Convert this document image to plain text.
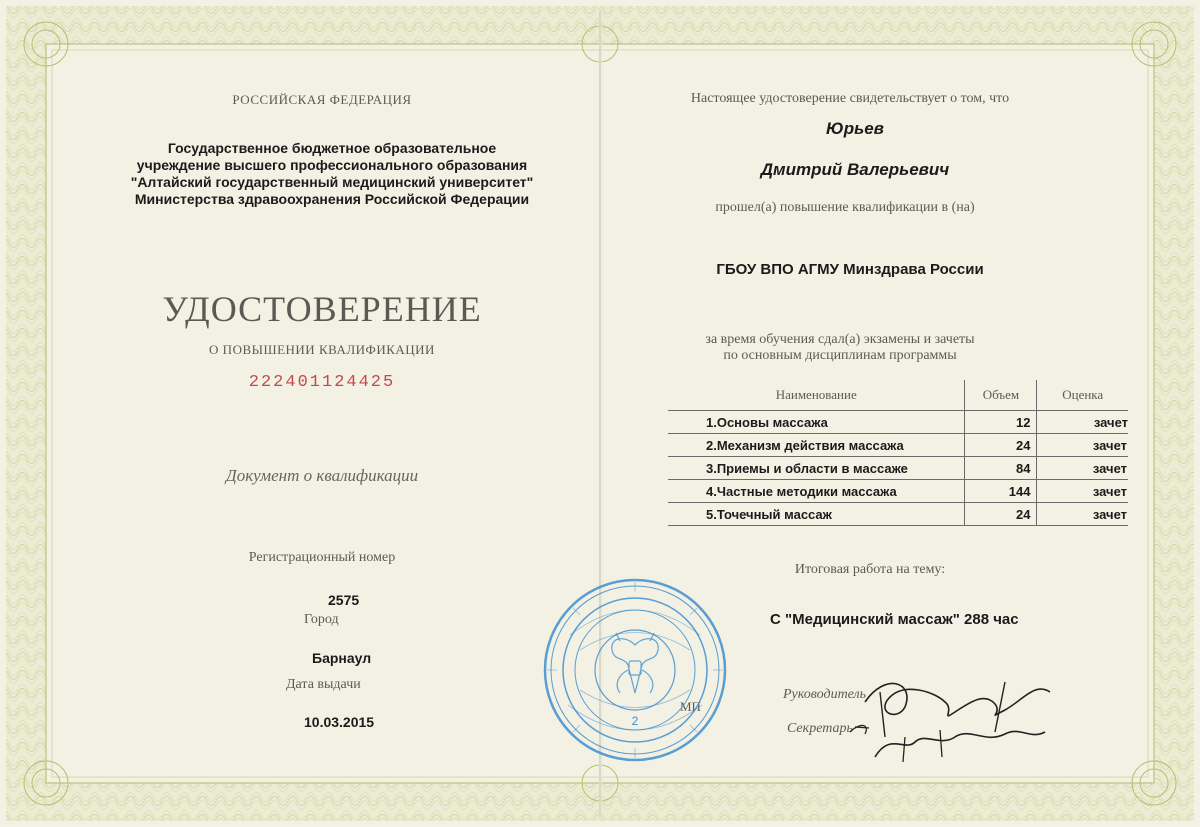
РОССИЙСКАЯ ФЕДЕРАЦИЯ
Государственное бюджетное образовательное
учреждение высшего профессионального образования
"Алтайский государственный медицинский университет"
Министерства здравоохранения Российской Федерации
УДОСТОВЕРЕНИЕ
О ПОВЫШЕНИИ КВАЛИФИКАЦИИ
222401124425
Документ о квалификации
Регистрационный номер
2575
Город
Барнаул
Дата выдачи
10.03.2015
Настоящее удостоверение свидетельствует о том, что
Юрьев
Дмитрий Валерьевич
прошел(а) повышение квалификации в (на)
ГБОУ ВПО АГМУ Минздрава России
за время обучения сдал(а) экзамены и зачеты
по основным дисциплинам программы
Наименование	Объем	Оценка
1.Основы массажа	12	зачет
2.Механизм действия массажа	24	зачет
3.Приемы и области в массаже	84	зачет
4.Частные методики массажа	144	зачет
5.Точечный массаж	24	зачет
Итоговая работа на тему:
С "Медицинский массаж" 288 час
Руководитель
Секретарь
МП
2
